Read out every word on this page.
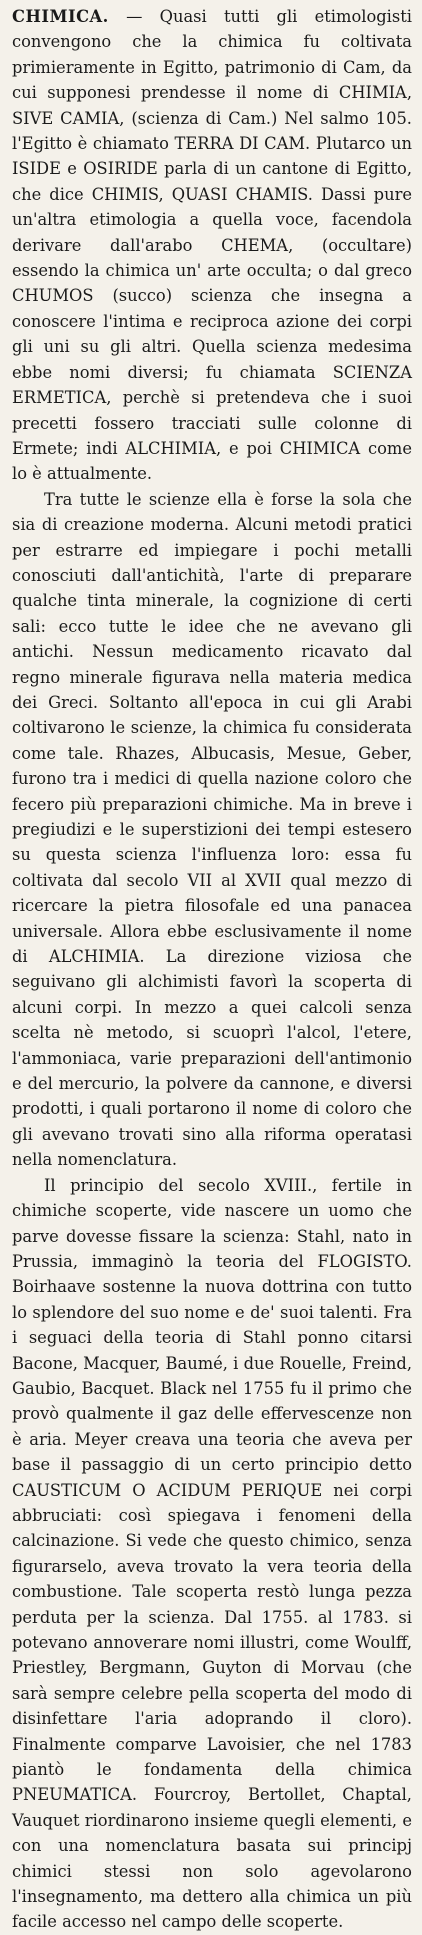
CHIMICA. — Quasi tutti gli etimologisti convengono che la chimica fu coltivata primieramente in Egitto, patrimonio di Cam, da cui supponesi prendesse il nome di CHIMIA, SIVE CAMIA, (scienza di Cam.) Nel salmo 105. l'Egitto è chiamato TERRA DI CAM. Plutarco un ISIDE e OSIRIDE parla di un cantone di Egitto, che dice CHIMIS, QUASI CHAMIS. Dassi pure un'altra etimologia a quella voce, facendola derivare dall'arabo CHEMA, (occultare) essendo la chimica un' arte occulta; o dal greco CHUMOS (succo) scienza che insegna a conoscere l'intima e reciproca azione dei corpi gli uni su gli altri. Quella scienza medesima ebbe nomi diversi; fu chiamata SCIENZA ERMETICA, perchè si pretendeva che i suoi precetti fossero tracciati sulle colonne di Ermete; indi ALCHIMIA, e poi CHIMICA come lo è attualmente.

Tra tutte le scienze ella è forse la sola che sia di creazione moderna. Alcuni metodi pratici per estrarre ed impiegare i pochi metalli conosciuti dall'antichità, l'arte di preparare qualche tinta minerale, la cognizione di certi sali: ecco tutte le idee che ne avevano gli antichi. Nessun medicamento ricavato dal regno minerale figurava nella materia medica dei Greci. Soltanto all'epoca in cui gli Arabi coltivarono le scienze, la chimica fu considerata come tale. Rhazes, Albucasis, Mesue, Geber, furono tra i medici di quella nazione coloro che fecero più preparazioni chimiche. Ma in breve i pregiudizi e le superstizioni dei tempi estesero su questa scienza l'influenza loro: essa fu coltivata dal secolo VII al XVII qual mezzo di ricercare la pietra filosofale ed una panacea universale. Allora ebbe esclusivamente il nome di ALCHIMIA. La direzione viziosa che seguivano gli alchimisti favorì la scoperta di alcuni corpi. In mezzo a quei calcoli senza scelta nè metodo, si scuoprì l'alcol, l'etere, l'ammoniaca, varie preparazioni dell'antimonio e del mercurio, la polvere da cannone, e diversi prodotti, i quali portarono il nome di coloro che gli avevano trovati sino alla riforma operatasi nella nomenclatura.

Il principio del secolo XVIII., fertile in chimiche scoperte, vide nascere un uomo che parve dovesse fissare la scienza: Stahl, nato in Prussia, immaginò la teoria del FLOGISTO. Boirhaave sostenne la nuova dottrina con tutto lo splendore del suo nome e de' suoi talenti. Fra i seguaci della teoria di Stahl ponno citarsi Bacone, Macquer, Baumé, i due Rouelle, Freind, Gaubio, Bacquet. Black nel 1755 fu il primo che provò qualmente il gaz delle effervescenze non è aria. Meyer creava una teoria che aveva per base il passaggio di un certo principio detto CAUSTICUM O ACIDUM PERIQUE nei corpi abbruciati: così spiegava i fenomeni della calcinazione. Si vede che questo chimico, senza figurarselo, aveva trovato la vera teoria della combustione. Tale scoperta restò lunga pezza perduta per la scienza. Dal 1755. al 1783. si potevano annoverare nomi illustri, come Woulff, Priestley, Bergmann, Guyton di Morvau (che sarà sempre celebre pella scoperta del modo di disinfettare l'aria adoprando il cloro). Finalmente comparve Lavoisier, che nel 1783 piantò le fondamenta della chimica PNEUMATICA. Fourcroy, Bertollet, Chaptal, Vauquet riordinarono insieme quegli elementi, e con una nomenclatura basata sui principj chimici stessi non solo agevolarono l'insegnamento, ma dettero alla chimica un più facile accesso nel campo delle scoperte.
